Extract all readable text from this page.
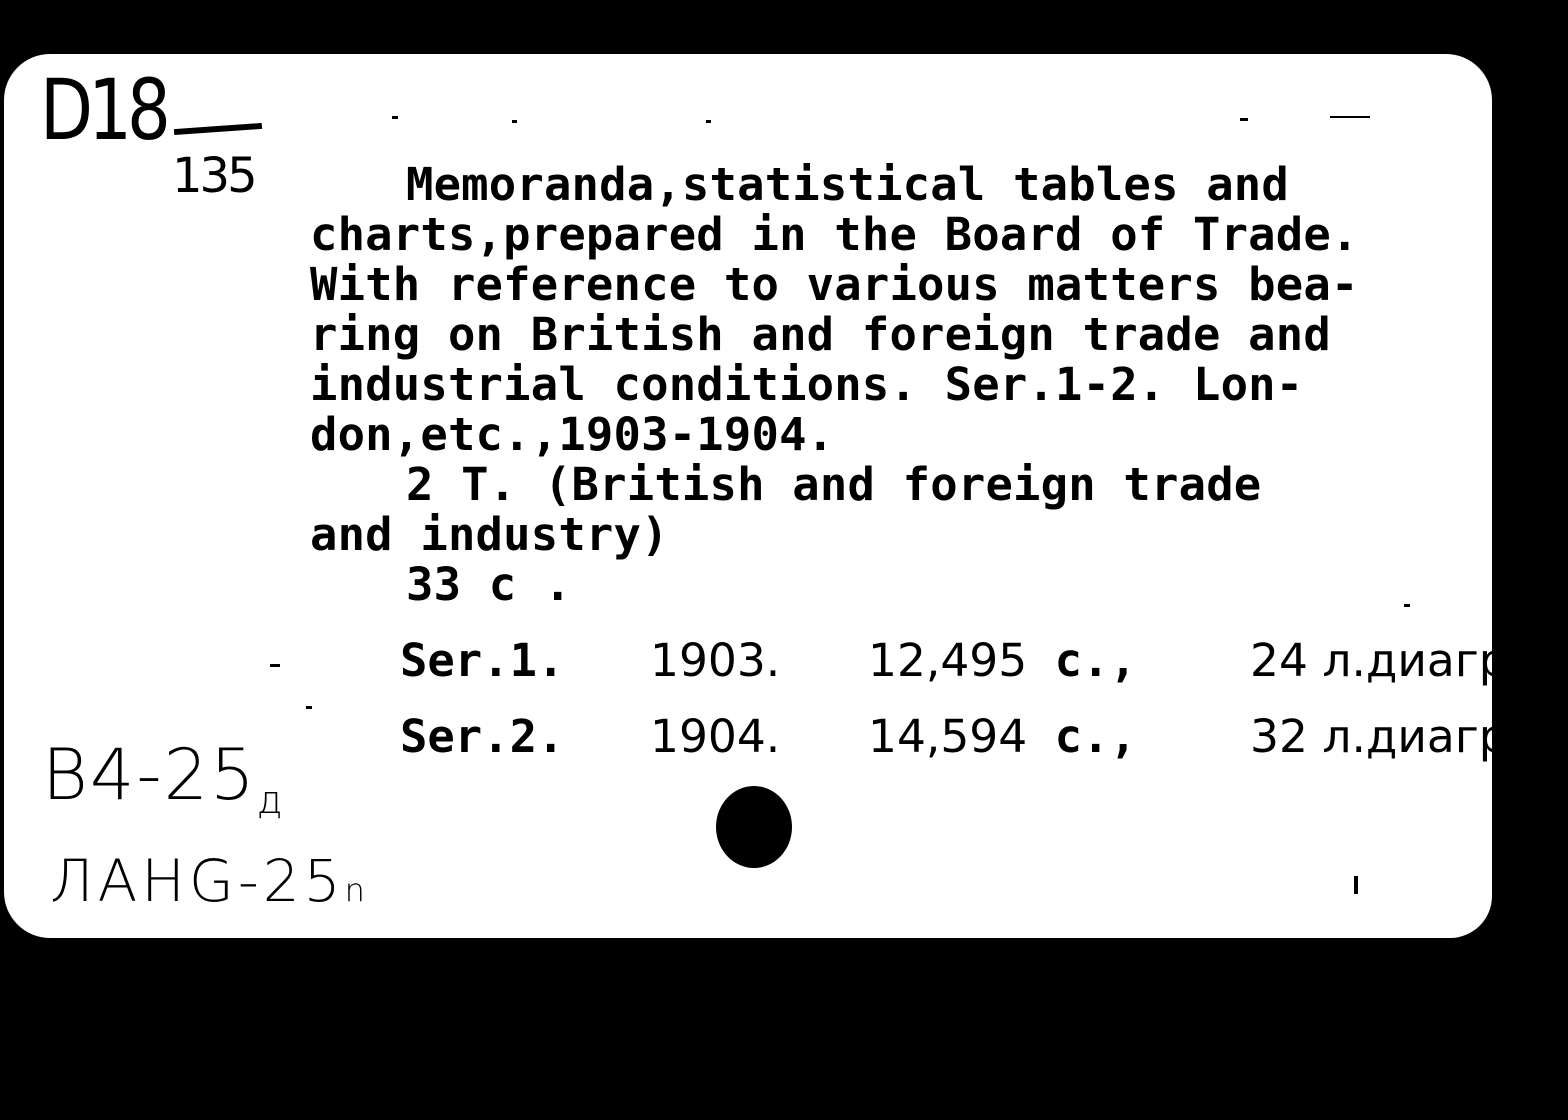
D18
135	Memoranda,statistical tables and
charts,prepared in the Board of Trade.
With reference to various matters bea-
ring on British and foreign trade and
industrial conditions. Ser.1-2. Lon-
don,etc.,1903-1904.
2 T. (British and foreign trade
and industry)
33 c .
Ser.1. 1903. 12,495 c., 24 л.диагр.
Ser.2. 1904. 14,594 c., 32 л.диагр.
$B4-25_д$
ЛАНG-25n
